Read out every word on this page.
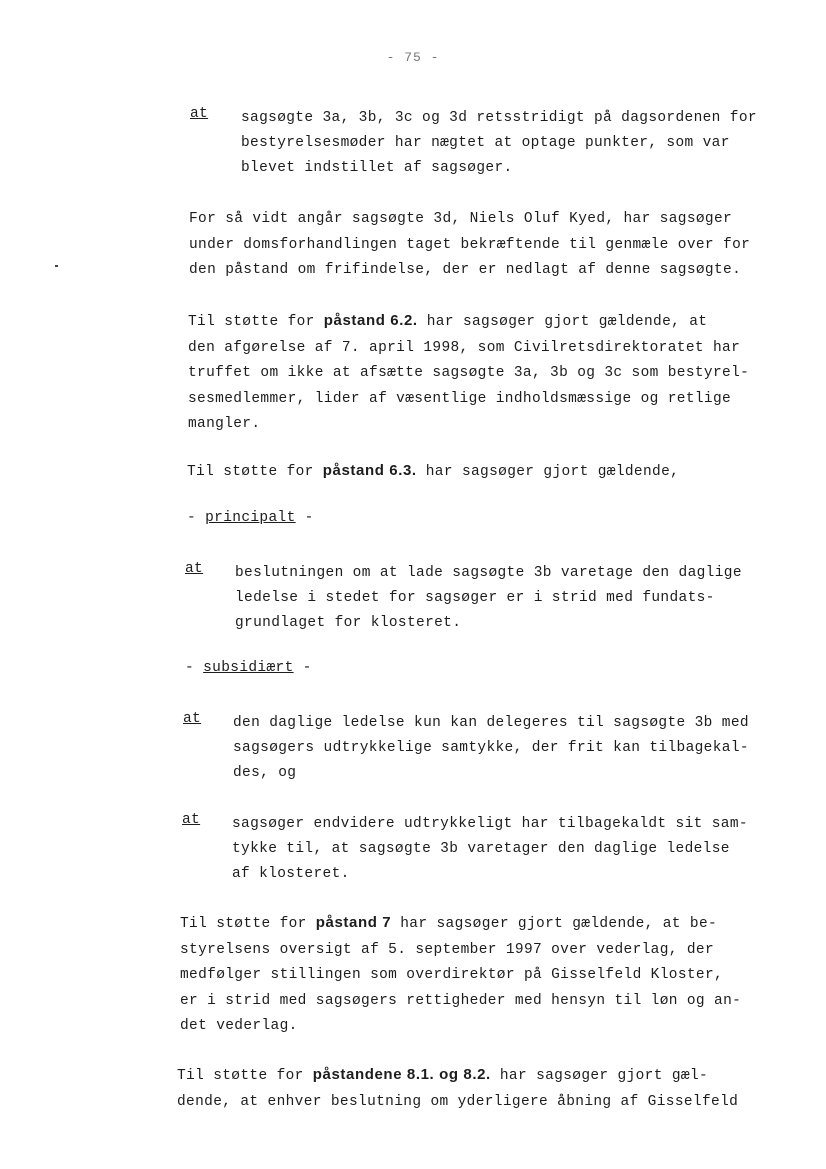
- 75 -
at sagsøgte 3a, 3b, 3c og 3d retsstridigt på dagsordenen for
bestyrelsesmøder har nægtet at optage punkter, som var
blevet indstillet af sagsøger.
For så vidt angår sagsøgte 3d, Niels Oluf Kyed, har sagsøger
under domsforhandlingen taget bekræftende til genmæle over for
den påstand om frifindelse, der er nedlagt af denne sagsøgte.
Til støtte for påstand 6.2. har sagsøger gjort gældende, at
den afgørelse af 7. april 1998, som Civilretsdirektoratet har
truffet om ikke at afsætte sagsøgte 3a, 3b og 3c som bestyrel-
sesmedlemmer, lider af væsentlige indholdsmæssige og retlige
mangler.
Til støtte for påstand 6.3. har sagsøger gjort gældende,
- principalt -
at beslutningen om at lade sagsøgte 3b varetage den daglige
ledelse i stedet for sagsøger er i strid med fundats-
grundlaget for klosteret.
- subsidiært -
at den daglige ledelse kun kan delegeres til sagsøgte 3b med
sagsøgers udtrykkelige samtykke, der frit kan tilbagekal-
des, og
at sagsøger endvidere udtrykkeligt har tilbagekaldt sit sam-
tykke til, at sagsøgte 3b varetager den daglige ledelse
af klosteret.
Til støtte for påstand 7 har sagsøger gjort gældende, at be-
styrelsens oversigt af 5. september 1997 over vederlag, der
medfølger stillingen som overdirektør på Gisselfeld Kloster,
er i strid med sagsøgers rettigheder med hensyn til løn og an-
det vederlag.
Til støtte for påstandene 8.1. og 8.2. har sagsøger gjort gæl-
dende, at enhver beslutning om yderligere åbning af Gisselfeld
